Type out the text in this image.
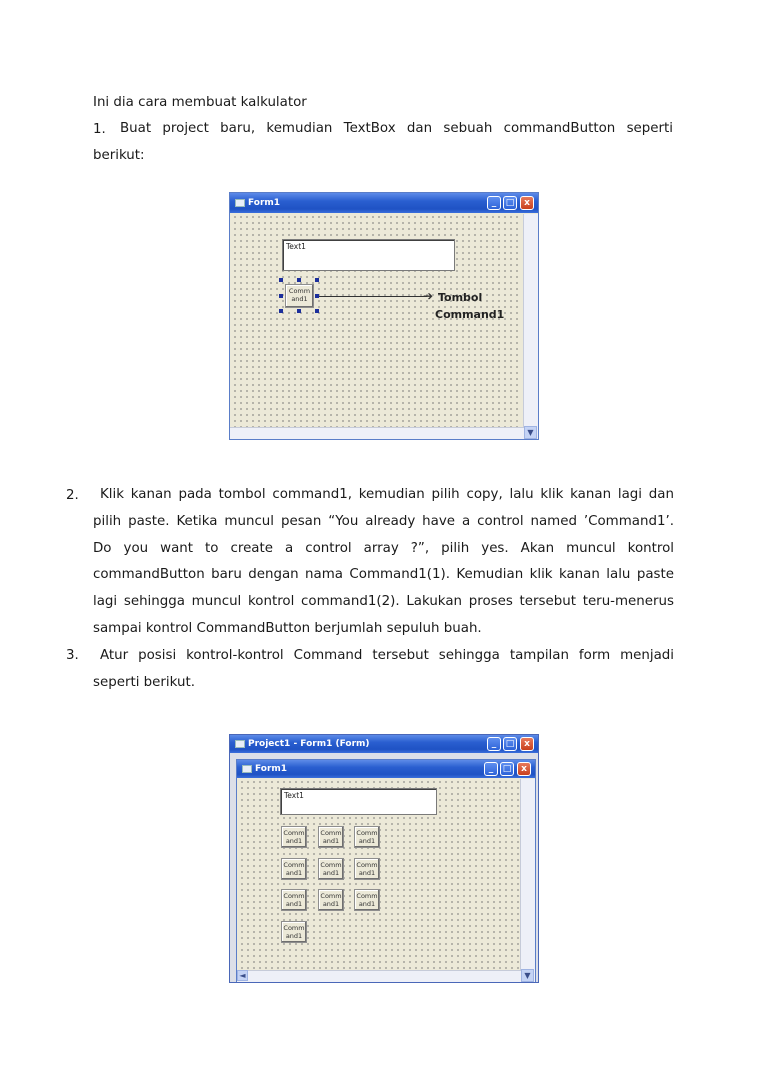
Ini dia cara membuat kalkulator
1. Buat project baru, kemudian TextBox dan sebuah commandButton seperti
berikut:
Form1	_	□	x
▼
Text1
Comm
and1	➔ Tombol
Command1
2. Klik kanan pada tombol command1, kemudian pilih copy, lalu klik kanan lagi dan
pilih paste. Ketika muncul pesan “You already have a control named ’Command1’.
Do you want to create a control array ?”, pilih yes. Akan muncul kontrol
commandButton baru dengan nama Command1(1). Kemudian klik kanan lalu paste
lagi sehingga muncul kontrol command1(2). Lakukan proses tersebut teru-menerus
sampai kontrol CommandButton berjumlah sepuluh buah.
3. Atur posisi kontrol-kontrol Command tersebut sehingga tampilan form menjadi
seperti berikut.
Project1 - Form1 (Form)	_	□	x
Form1	_	□	x
▼
◄
Text1
Comm
and1
Comm
and1
Comm
and1
Comm
and1
Comm
and1
Comm
and1
Comm
and1
Comm
and1
Comm
and1
Comm
and1
